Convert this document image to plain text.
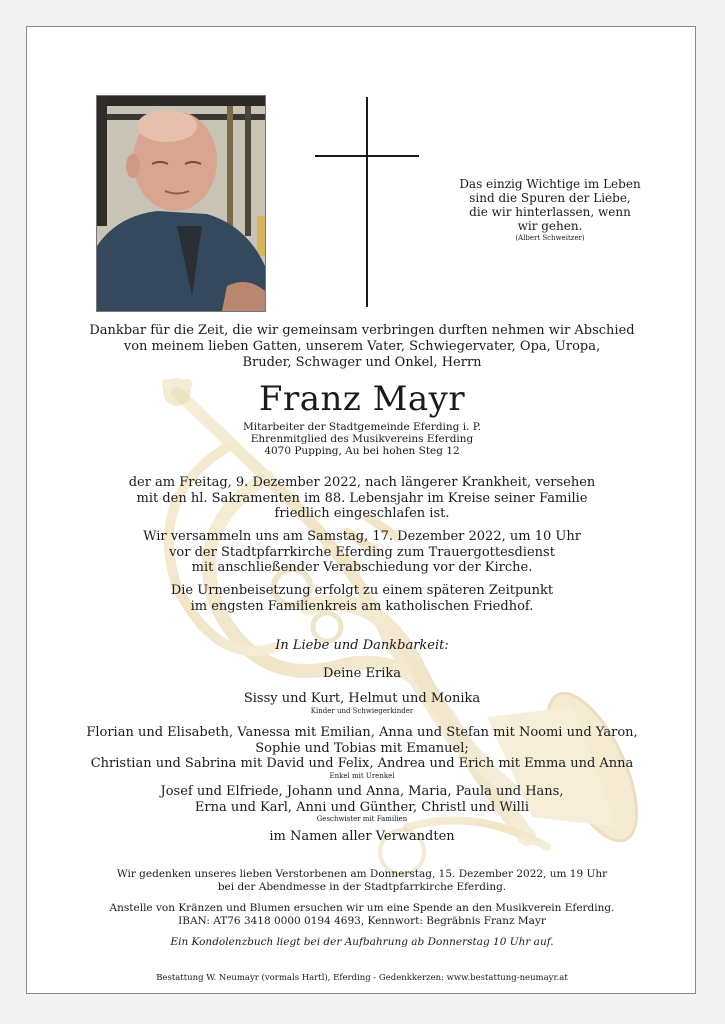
Das einzig Wichtige im Leben
sind die Spuren der Liebe,
die wir hinterlassen, wenn
wir gehen.
(Albert Schweitzer)
Dankbar für die Zeit, die wir gemeinsam verbringen durften nehmen wir Abschied
von meinem lieben Gatten, unserem Vater, Schwiegervater, Opa, Uropa,
Bruder, Schwager und Onkel, Herrn
Franz Mayr
Mitarbeiter der Stadtgemeinde Eferding i. P.
Ehrenmitglied des Musikvereins Eferding
4070 Pupping, Au bei hohen Steg 12
der am Freitag, 9. Dezember 2022, nach längerer Krankheit, versehen
mit den hl. Sakramenten im 88. Lebensjahr im Kreise seiner Familie
friedlich eingeschlafen ist.
Wir versammeln uns am Samstag, 17. Dezember 2022, um 10 Uhr
vor der Stadtpfarrkirche Eferding zum Trauergottesdienst
mit anschließender Verabschiedung vor der Kirche.
Die Urnenbeisetzung erfolgt zu einem späteren Zeitpunkt
im engsten Familienkreis am katholischen Friedhof.
In Liebe und Dankbarkeit:
Deine Erika
Sissy und Kurt, Helmut und Monika
Kinder und Schwiegerkinder
Florian und Elisabeth, Vanessa mit Emilian, Anna und Stefan mit Noomi und Yaron,
Sophie und Tobias mit Emanuel;
Christian und Sabrina mit David und Felix, Andrea und Erich mit Emma und Anna
Enkel mit Urenkel
Josef und Elfriede, Johann und Anna, Maria, Paula und Hans,
Erna und Karl, Anni und Günther, Christl und Willi
Geschwister mit Familien
im Namen aller Verwandten
Wir gedenken unseres lieben Verstorbenen am Donnerstag, 15. Dezember 2022, um 19 Uhr
bei der Abendmesse in der Stadtpfarrkirche Eferding.
Anstelle von Kränzen und Blumen ersuchen wir um eine Spende an den Musikverein Eferding.
IBAN: AT76 3418 0000 0194 4693, Kennwort: Begräbnis Franz Mayr
Ein Kondolenzbuch liegt bei der Aufbahrung ab Donnerstag 10 Uhr auf.
Bestattung W. Neumayr (vormals Hartl), Eferding - Gedenkkerzen: www.bestattung-neumayr.at
